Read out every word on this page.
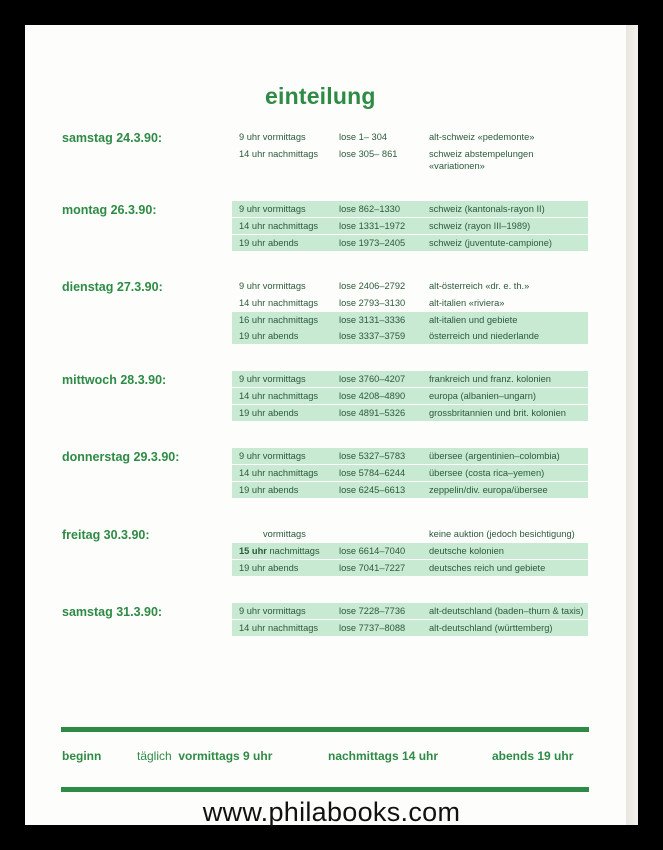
einteilung
samstag 24.3.90:	9 uhr vormittags	lose 1– 304	alt-schweiz «pedemonte»
14 uhr nachmittags lose 305– 861	schweiz abstempelungen
«variationen»
montag 26.3.90:	9 uhr vormittags	lose 862–1330	schweiz (kantonals-rayon II)
14 uhr nachmittags lose 1331–1972	schweiz (rayon III–1989)
19 uhr abends	lose 1973–2405	schweiz (juventute-campione)
dienstag 27.3.90:	9 uhr vormittags	lose 2406–2792	alt-österreich «dr. e. th.»
14 uhr nachmittags lose 2793–3130	alt-italien «riviera»
16 uhr nachmittags lose 3131–3336	alt-italien und gebiete
19 uhr abends	lose 3337–3759	österreich und niederlande
mittwoch 28.3.90:	9 uhr vormittags	lose 3760–4207	frankreich und franz. kolonien
14 uhr nachmittags lose 4208–4890	europa (albanien–ungarn)
19 uhr abends	lose 4891–5326	grossbritannien und brit. kolonien
donnerstag 29.3.90:	9 uhr vormittags	lose 5327–5783	übersee (argentinien–colombia)
14 uhr nachmittags lose 5784–6244	übersee (costa rica–yemen)
19 uhr abends	lose 6245–6613	zeppelin/div. europa/übersee
freitag 30.3.90:	vormittags	keine auktion (jedoch besichtigung)
15 uhr nachmittags lose 6614–7040	deutsche kolonien
19 uhr abends	lose 7041–7227	deutsches reich und gebiete
samstag 31.3.90:	9 uhr vormittags	lose 7228–7736	alt-deutschland (baden–thurn & taxis)
14 uhr nachmittags lose 7737–8088	alt-deutschland (württemberg)
beginn	täglich vormittags 9 uhr	nachmittags 14 uhr	abends 19 uhr
www.philabooks.com
